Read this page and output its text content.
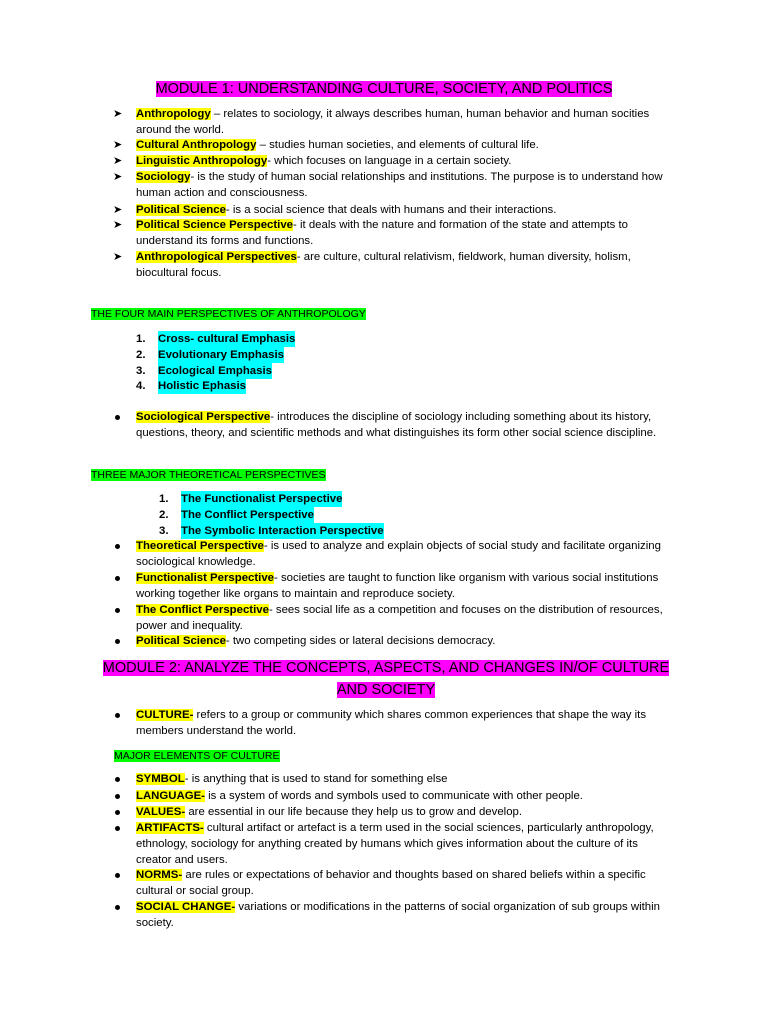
MODULE 1: UNDERSTANDING CULTURE, SOCIETY, AND POLITICS
➤ Anthropology – relates to sociology, it always describes human, human behavior and human socities around the world.
➤ Cultural Anthropology – studies human societies, and elements of cultural life.
➤ Linguistic Anthropology- which focuses on language in a certain society.
➤ Sociology- is the study of human social relationships and institutions. The purpose is to understand how human action and consciousness.
➤ Political Science- is a social science that deals with humans and their interactions.
➤ Political Science Perspective- it deals with the nature and formation of the state and attempts to understand its forms and functions.
➤ Anthropological Perspectives- are culture, cultural relativism, fieldwork, human diversity, holism, biocultural focus.
THE FOUR MAIN PERSPECTIVES OF ANTHROPOLOGY
1. Cross- cultural Emphasis
2. Evolutionary Emphasis
3. Ecological Emphasis
4. Holistic Ephasis
Sociological Perspective- introduces the discipline of sociology including something about its history, questions, theory, and scientific methods and what distinguishes its form other social science discipline.
THREE MAJOR THEORETICAL PERSPECTIVES
1. The Functionalist Perspective
2. The Conflict Perspective
3. The Symbolic Interaction Perspective
Theoretical Perspective- is used to analyze and explain objects of social study and facilitate organizing sociological knowledge.
Functionalist Perspective- societies are taught to function like organism with various social institutions working together like organs to maintain and reproduce society.
The Conflict Perspective- sees social life as a competition and focuses on the distribution of resources, power and inequality.
Political Science- two competing sides or lateral decisions democracy.
MODULE 2: ANALYZE THE CONCEPTS, ASPECTS, AND CHANGES IN/OF CULTURE AND SOCIETY
CULTURE- refers to a group or community which shares common experiences that shape the way its members understand the world.
MAJOR ELEMENTS OF CULTURE
SYMBOL- is anything that is used to stand for something else
LANGUAGE- is a system of words and symbols used to communicate with other people.
VALUES- are essential in our life because they help us to grow and develop.
ARTIFACTS- cultural artifact or artefact is a term used in the social sciences, particularly anthropology, ethnology, sociology for anything created by humans which gives information about the culture of its creator and users.
NORMS- are rules or expectations of behavior and thoughts based on shared beliefs within a specific cultural or social group.
SOCIAL CHANGE- variations or modifications in the patterns of social organization of sub groups within society.
